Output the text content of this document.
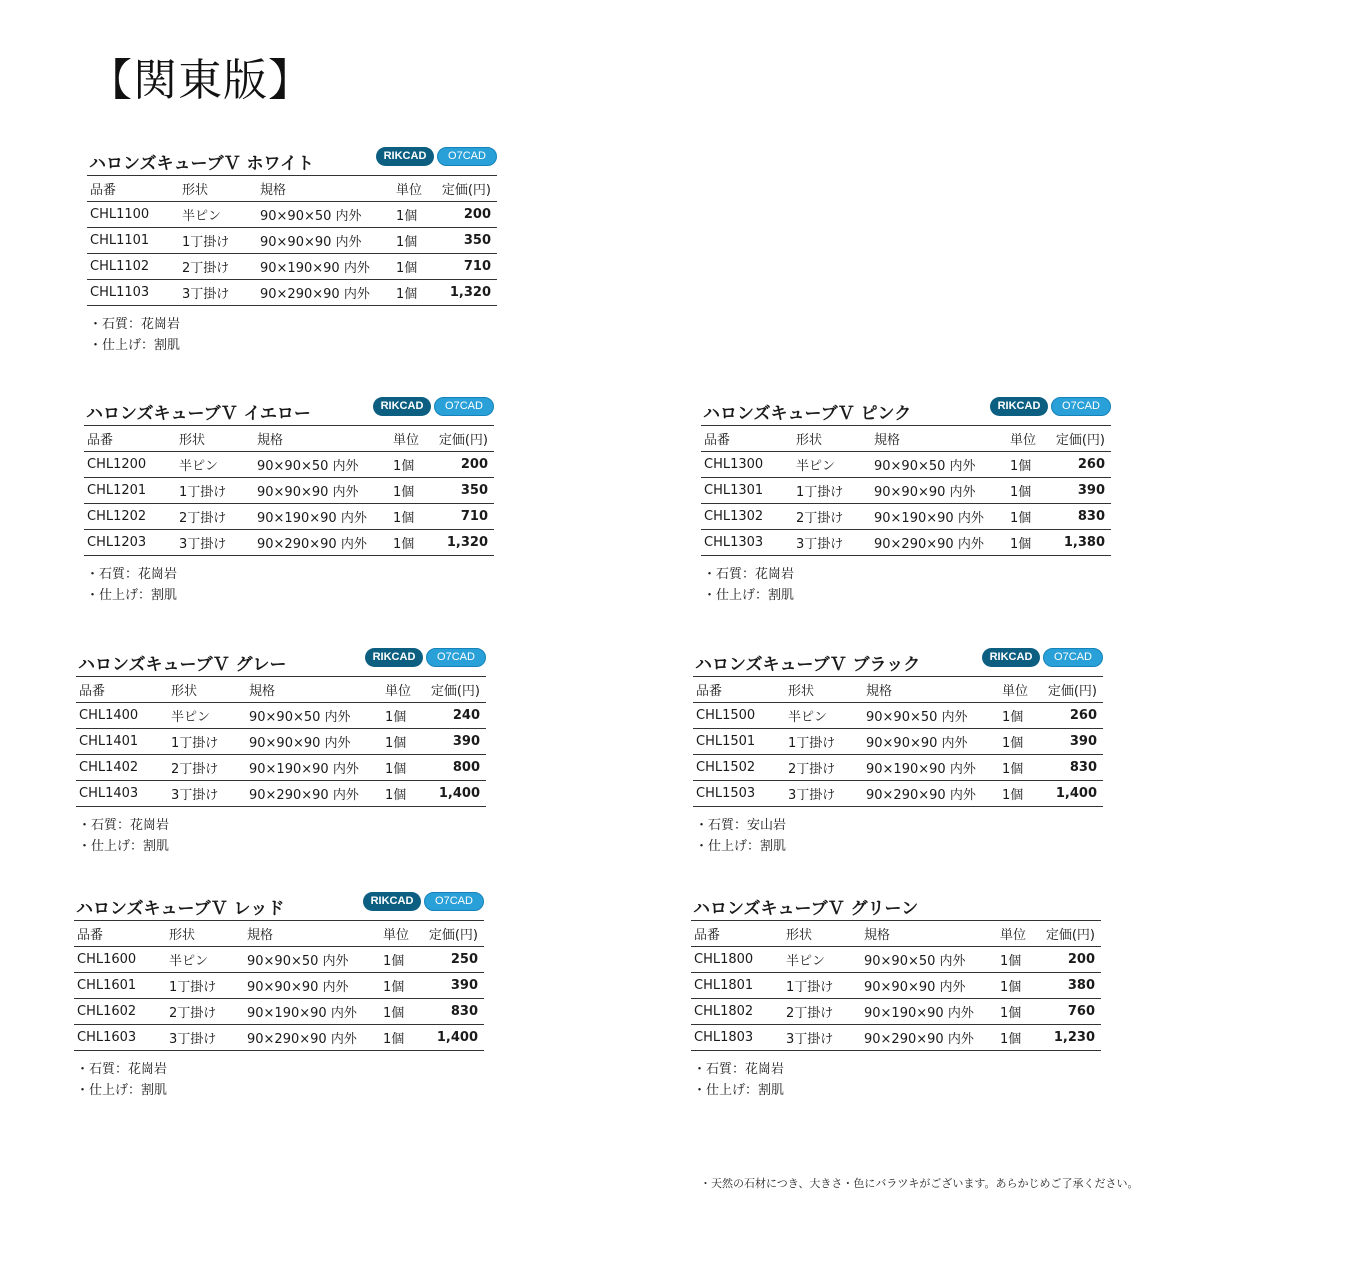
【関東版】
ハロンズキューブＶ ホワイト	RIKCAD	O7CAD
品番	形状	規格	単位	定価(円)
CHL1100	半ピン	90×90×50 内外	1個	200
CHL1101	1丁掛け	90×90×90 内外	1個	350
CHL1102	2丁掛け	90×190×90 内外	1個	710
CHL1103	3丁掛け	90×290×90 内外	1個	1,320
・石質：花崗岩
・仕上げ：割肌
ハロンズキューブＶ イエロー	RIKCAD	O7CAD
品番	形状	規格	単位	定価(円)
CHL1200	半ピン	90×90×50 内外	1個	200
CHL1201	1丁掛け	90×90×90 内外	1個	350
CHL1202	2丁掛け	90×190×90 内外	1個	710
CHL1203	3丁掛け	90×290×90 内外	1個	1,320
・石質：花崗岩
・仕上げ：割肌
ハロンズキューブＶ ピンク	RIKCAD	O7CAD
品番	形状	規格	単位	定価(円)
CHL1300	半ピン	90×90×50 内外	1個	260
CHL1301	1丁掛け	90×90×90 内外	1個	390
CHL1302	2丁掛け	90×190×90 内外	1個	830
CHL1303	3丁掛け	90×290×90 内外	1個	1,380
・石質：花崗岩
・仕上げ：割肌
ハロンズキューブＶ グレー	RIKCAD	O7CAD
品番	形状	規格	単位	定価(円)
CHL1400	半ピン	90×90×50 内外	1個	240
CHL1401	1丁掛け	90×90×90 内外	1個	390
CHL1402	2丁掛け	90×190×90 内外	1個	800
CHL1403	3丁掛け	90×290×90 内外	1個	1,400
・石質：花崗岩
・仕上げ：割肌
ハロンズキューブＶ ブラック	RIKCAD	O7CAD
品番	形状	規格	単位	定価(円)
CHL1500	半ピン	90×90×50 内外	1個	260
CHL1501	1丁掛け	90×90×90 内外	1個	390
CHL1502	2丁掛け	90×190×90 内外	1個	830
CHL1503	3丁掛け	90×290×90 内外	1個	1,400
・石質：安山岩
・仕上げ：割肌
ハロンズキューブＶ レッド	RIKCAD	O7CAD
品番	形状	規格	単位	定価(円)
CHL1600	半ピン	90×90×50 内外	1個	250
CHL1601	1丁掛け	90×90×90 内外	1個	390
CHL1602	2丁掛け	90×190×90 内外	1個	830
CHL1603	3丁掛け	90×290×90 内外	1個	1,400
・石質：花崗岩
・仕上げ：割肌
ハロンズキューブＶ グリーン
品番	形状	規格	単位	定価(円)
CHL1800	半ピン	90×90×50 内外	1個	200
CHL1801	1丁掛け	90×90×90 内外	1個	380
CHL1802	2丁掛け	90×190×90 内外	1個	760
CHL1803	3丁掛け	90×290×90 内外	1個	1,230
・石質：花崗岩
・仕上げ：割肌
・天然の石材につき、大きさ・色にバラツキがございます。あらかじめご了承ください。
